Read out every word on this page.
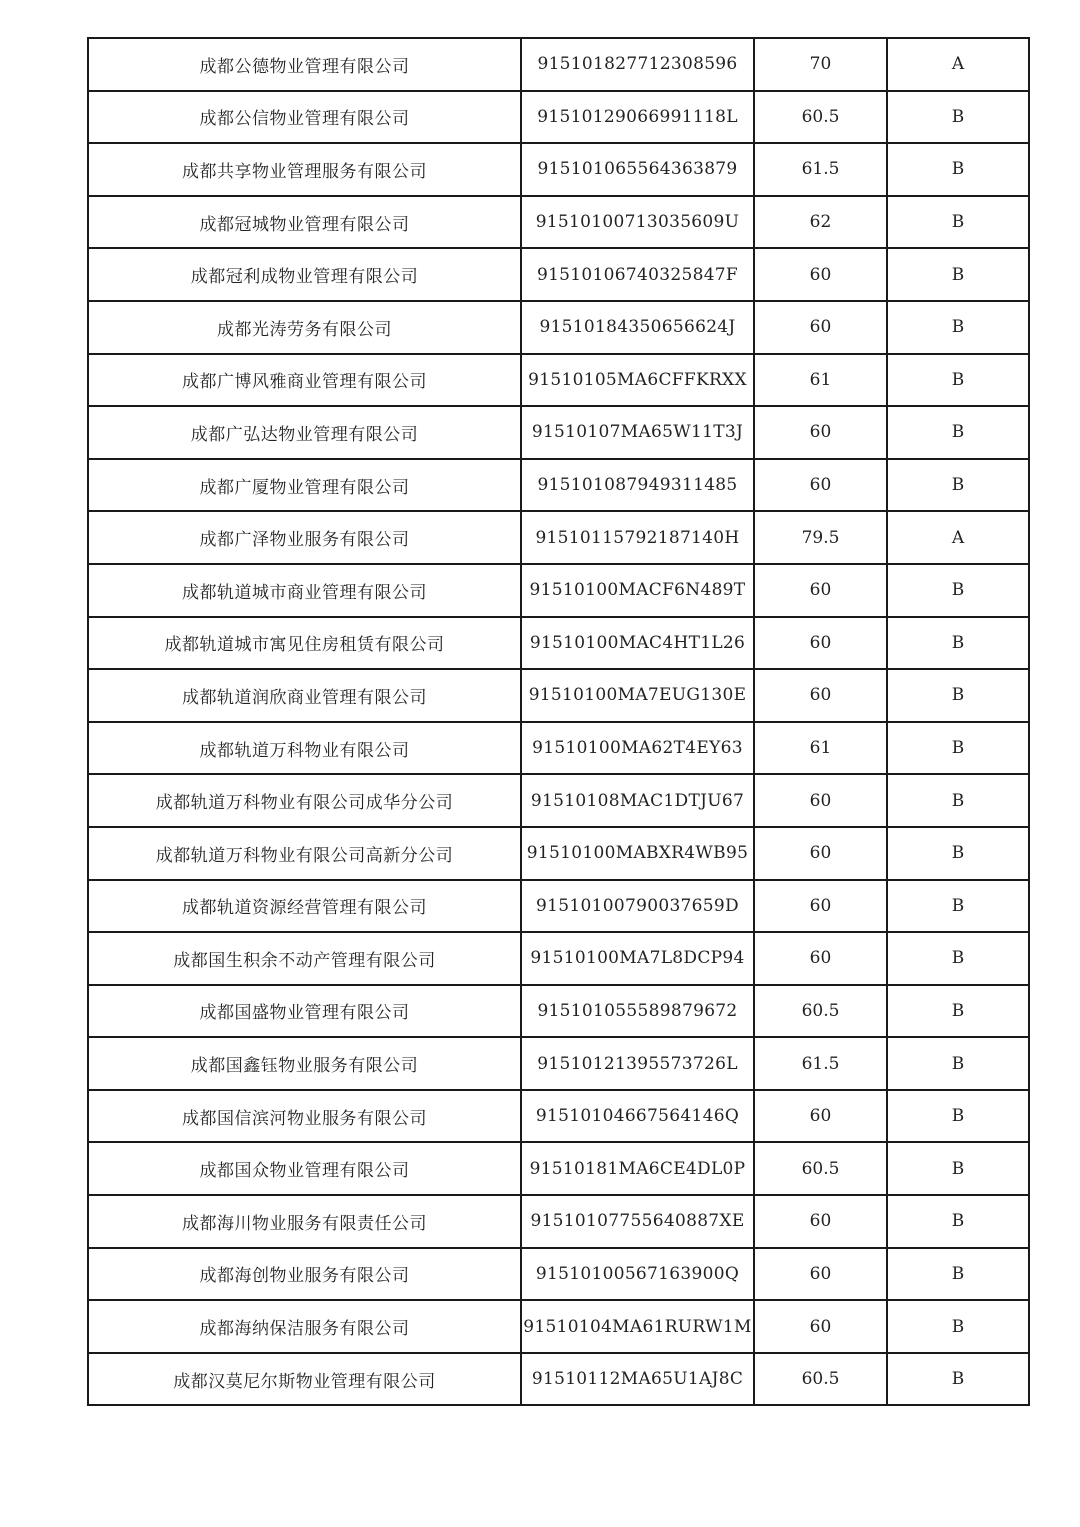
成都公德物业管理有限公司	915101827712308596	70	A
成都公信物业管理有限公司	91510129066991118L	60.5	B
成都共享物业管理服务有限公司	915101065564363879	61.5	B
成都冠城物业管理有限公司	91510100713035609U	62	B
成都冠利成物业管理有限公司	91510106740325847F	60	B
成都光涛劳务有限公司	91510184350656624J	60	B
成都广博风雅商业管理有限公司	91510105MA6CFFKRXX	61	B
成都广弘达物业管理有限公司	91510107MA65W11T3J	60	B
成都广厦物业管理有限公司	915101087949311485	60	B
成都广泽物业服务有限公司	91510115792187140H	79.5	A
成都轨道城市商业管理有限公司	91510100MACF6N489T	60	B
成都轨道城市寓见住房租赁有限公司	91510100MAC4HT1L26	60	B
成都轨道润欣商业管理有限公司	91510100MA7EUG130E	60	B
成都轨道万科物业有限公司	91510100MA62T4EY63	61	B
成都轨道万科物业有限公司成华分公司	91510108MAC1DTJU67	60	B
成都轨道万科物业有限公司高新分公司	91510100MABXR4WB95	60	B
成都轨道资源经营管理有限公司	91510100790037659D	60	B
成都国生积余不动产管理有限公司	91510100MA7L8DCP94	60	B
成都国盛物业管理有限公司	915101055589879672	60.5	B
成都国鑫钰物业服务有限公司	91510121395573726L	61.5	B
成都国信滨河物业服务有限公司	91510104667564146Q	60	B
成都国众物业管理有限公司	91510181MA6CE4DL0P	60.5	B
成都海川物业服务有限责任公司	91510107755640887XE	60	B
成都海创物业服务有限公司	91510100567163900Q	60	B
成都海纳保洁服务有限公司	91510104MA61RURW1M	60	B
成都汉莫尼尔斯物业管理有限公司	91510112MA65U1AJ8C	60.5	B
